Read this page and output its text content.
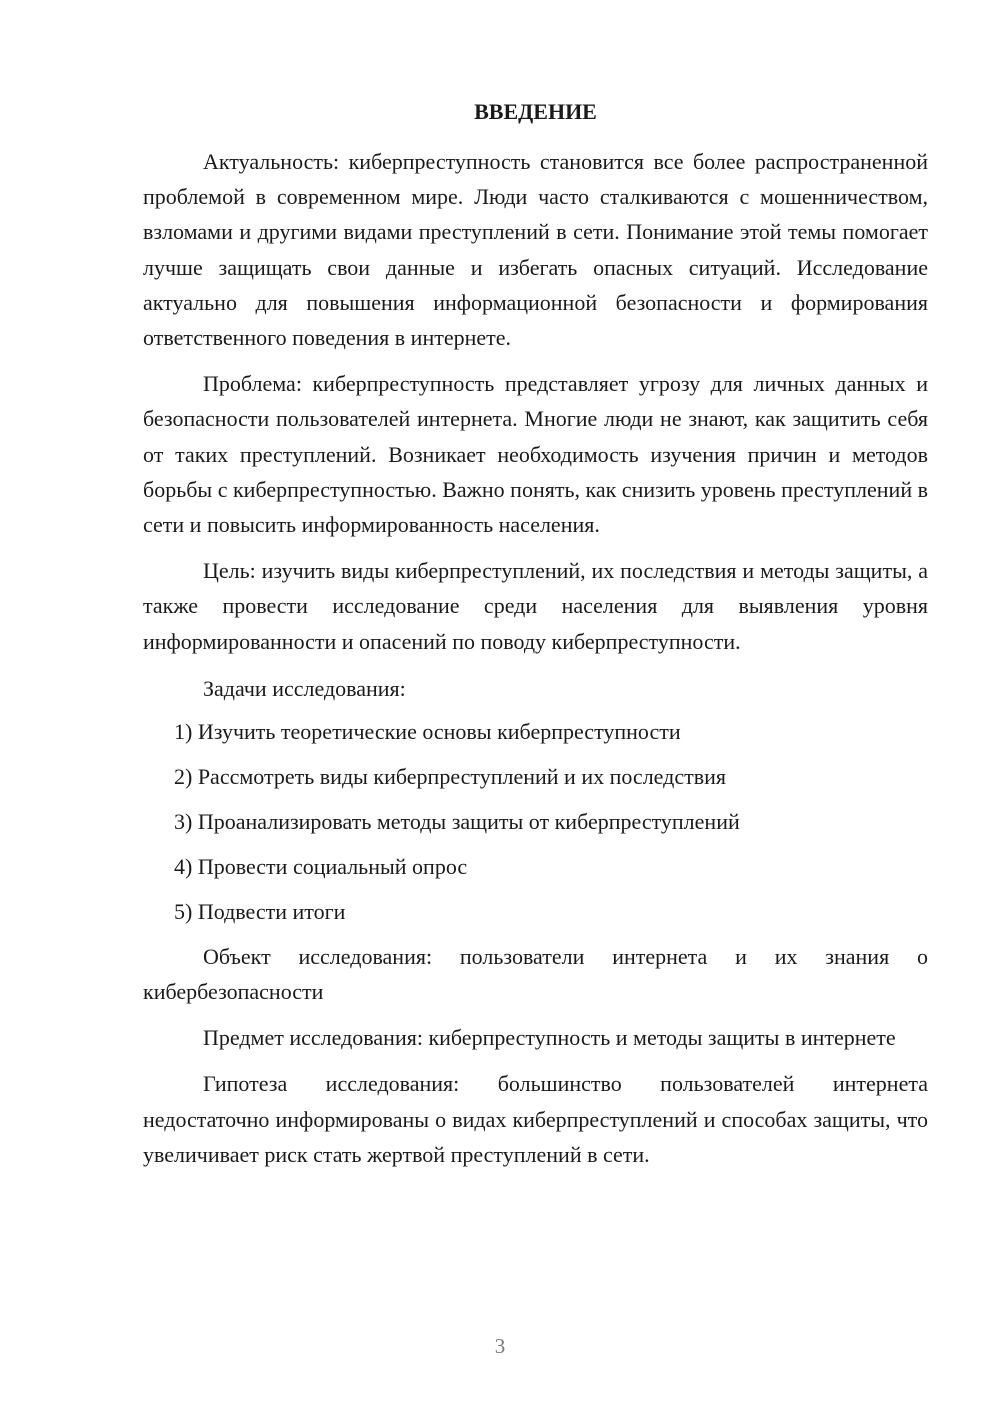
ВВЕДЕНИЕ

Актуальность: киберпреступность становится все более распространенной проблемой в современном мире. Люди часто сталкиваются с мошенничеством, взломами и другими видами преступлений в сети. Понимание этой темы помогает лучше защищать свои данные и избегать опасных ситуаций. Исследование актуально для повышения информационной безопасности и формирования ответственного поведения в интернете.

Проблема: киберпреступность представляет угрозу для личных данных и безопасности пользователей интернета. Многие люди не знают, как защитить себя от таких преступлений. Возникает необходимость изучения причин и методов борьбы с киберпреступностью. Важно понять, как снизить уровень преступлений в сети и повысить информированность населения.

Цель: изучить виды киберпреступлений, их последствия и методы защиты, а также провести исследование среди населения для выявления уровня информированности и опасений по поводу киберпреступности.

Задачи исследования:

1) Изучить теоретические основы киберпреступности
2) Рассмотреть виды киберпреступлений и их последствия
3) Проанализировать методы защиты от киберпреступлений
4) Провести социальный опрос
5) Подвести итоги

Объект исследования: пользователи интернета и их знания о кибербезопасности

Предмет исследования: киберпреступность и методы защиты в интернете

Гипотеза исследования: большинство пользователей интернета недостаточно информированы о видах киберпреступлений и способах защиты, что увеличивает риск стать жертвой преступлений в сети.

3
